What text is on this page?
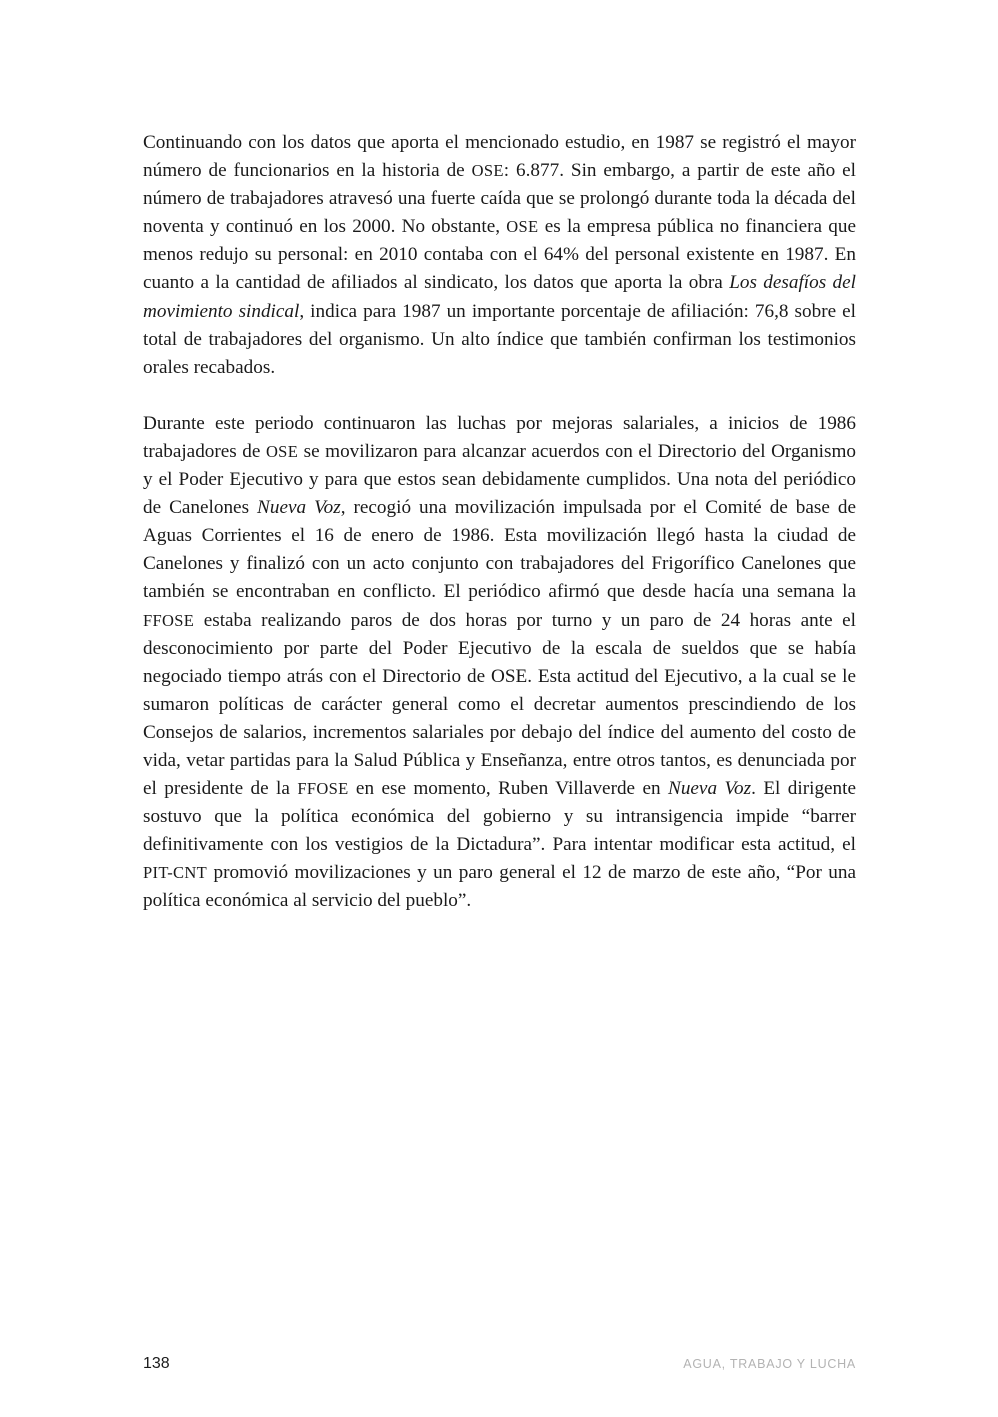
Continuando con los datos que aporta el mencionado estudio, en 1987 se registró el mayor número de funcionarios en la historia de OSE: 6.877. Sin embargo, a partir de este año el número de trabajadores atravesó una fuerte caída que se prolongó durante toda la década del noventa y continuó en los 2000. No obstante, OSE es la empresa pública no financiera que menos redujo su personal: en 2010 contaba con el 64% del personal existente en 1987. En cuanto a la cantidad de afiliados al sindicato, los datos que aporta la obra Los desafíos del movimiento sindical, indica para 1987 un importante porcentaje de afiliación: 76,8 sobre el total de trabajadores del organismo. Un alto índice que también confirman los testimonios orales recabados.

Durante este periodo continuaron las luchas por mejoras salariales, a inicios de 1986 trabajadores de OSE se movilizaron para alcanzar acuerdos con el Directorio del Organismo y el Poder Ejecutivo y para que estos sean debidamente cumplidos. Una nota del periódico de Canelones Nueva Voz, recogió una movilización impulsada por el Comité de base de Aguas Corrientes el 16 de enero de 1986. Esta movilización llegó hasta la ciudad de Canelones y finalizó con un acto conjunto con trabajadores del Frigorífico Canelones que también se encontraban en conflicto. El periódico afirmó que desde hacía una semana la FFOSE estaba realizando paros de dos horas por turno y un paro de 24 horas ante el desconocimiento por parte del Poder Ejecutivo de la escala de sueldos que se había negociado tiempo atrás con el Directorio de OSE. Esta actitud del Ejecutivo, a la cual se le sumaron políticas de carácter general como el decretar aumentos prescindiendo de los Consejos de salarios, incrementos salariales por debajo del índice del aumento del costo de vida, vetar partidas para la Salud Pública y Enseñanza, entre otros tantos, es denunciada por el presidente de la FFOSE en ese momento, Ruben Villaverde en Nueva Voz. El dirigente sostuvo que la política económica del gobierno y su intransigencia impide “barrer definitivamente con los vestigios de la Dictadura”. Para intentar modificar esta actitud, el PIT-CNT promovió movilizaciones y un paro general el 12 de marzo de este año, “Por una política económica al servicio del pueblo”.

138	AGUA, TRABAJO Y LUCHA
